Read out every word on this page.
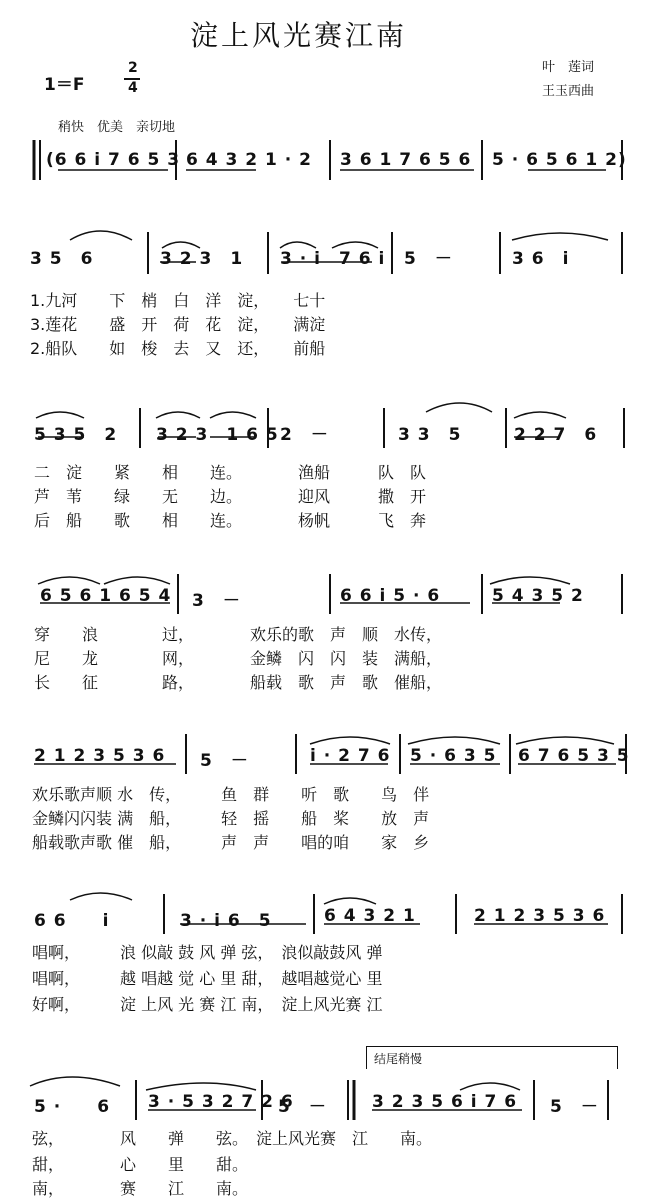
淀上风光赛江南
叶　莲词
王玉西曲
1＝F
2
4
稍快　优美　亲切地
(6 6 i 7 6 5 3 6 4 3 2 1 · 2 3 6 1 7 6 5 6 5 · 6 5 6 1 2)
3 5　6	3 2 3　1 3 · i　7 6 i 5　－	3 6　i
1.九河　　下　梢　白　洋　淀，　　七十
3.莲花　　盛　开　荷　花　淀，　　满淀
2.船队　　如　梭　去　又　还，　　前船
5 3 5　2 3 2 3　1 6 5 2　－	3 3　5	2 2 7　6
二　淀　　紧　　相　　连。　　　　渔船　　　队　队
芦　苇　　绿　　无　　边。　　　　迎风　　　撒　开
后　船　　歌　　相　　连。　　　　杨帆　　　飞　奔
6 5 6 1 6 5 4 3　－	6 6 i 5 · 6	5 4 3 5 2
穿　　浪　　　　过，　　　　欢乐的歌　声　顺　水传，
尼　　龙　　　　网，　　　　金鳞　闪　闪　装　满船，
长　　征　　　　路，　　　　船载　歌　声　歌　催船，
2 1 2 3 5 3 6 5　－	i · 2 7 6 5 · 6 3 5 6 7 6 5 3 5
欢乐歌声顺 水　传，　　　鱼　群　　听　歌　　鸟　伴
金鳞闪闪装 满　船，　　　轻　摇　　船　桨　　放　声
船载歌声歌 催　船，　　　声　声　　唱的咱　　家　乡
6 6　　i	3 · i 6　5	6 4 3 2 1	2 1 2 3 5 3 6
唱啊，　　　浪 似敲 鼓 风 弹 弦，　浪似敲鼓风 弹
唱啊，　　　越 唱越 觉 心 里 甜，　越唱越觉心 里
好啊，　　　淀 上风 光 赛 江 南，　淀上风光赛 江
结尾稍慢
5 ·　　6 3 · 5 3 2 7 2 6
5　－	3 2 3 5 6 i 7 6 5　－
弦，　　　　风　　弹　　弦。　淀上风光赛　江　　南。
甜，　　　　心　　里　　甜。
南，　　　　赛　　江　　南。
